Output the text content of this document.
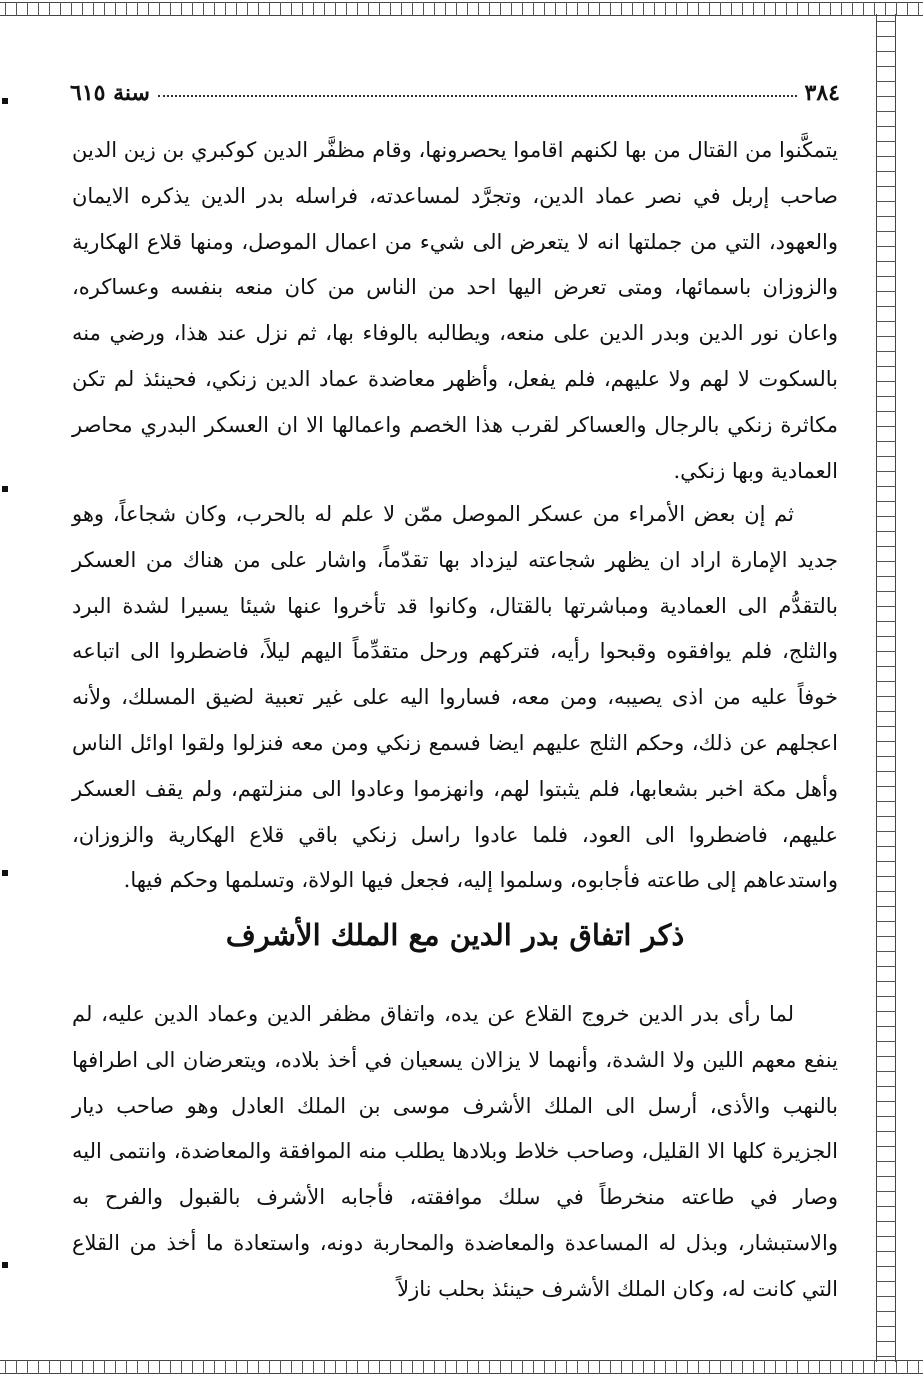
٣٨٤
سنة ٦١٥

يتمكَّنوا من القتال من بها لكنهم اقاموا يحصرونها، وقام مظفَّر الدين كوكبري بن زين الدين صاحب إربل في نصر عماد الدين، وتجرَّد لمساعدته، فراسله بدر الدين يذكره الايمان والعهود، التي من جملتها انه لا يتعرض الى شيء من اعمال الموصل، ومنها قلاع الهكارية والزوزان باسمائها، ومتى تعرض اليها احد من الناس من كان منعه بنفسه وعساكره، واعان نور الدين وبدر الدين على منعه، ويطالبه بالوفاء بها، ثم نزل عند هذا، ورضي منه بالسكوت لا لهم ولا عليهم، فلم يفعل، وأظهر معاضدة عماد الدين زنكي، فحينئذ لم تكن مكاثرة زنكي بالرجال والعساكر لقرب هذا الخصم واعمالها الا ان العسكر البدري محاصر العمادية وبها زنكي.

ثم إن بعض الأمراء من عسكر الموصل ممّن لا علم له بالحرب، وكان شجاعاً، وهو جديد الإمارة اراد ان يظهر شجاعته ليزداد بها تقدّماً، واشار على من هناك من العسكر بالتقدُّم الى العمادية ومباشرتها بالقتال، وكانوا قد تأخروا عنها شيئا يسيرا لشدة البرد والثلج، فلم يوافقوه وقبحوا رأيه، فتركهم ورحل متقدِّماً اليهم ليلاً، فاضطروا الى اتباعه خوفاً عليه من اذى يصيبه، ومن معه، فساروا اليه على غير تعبية لضيق المسلك، ولأنه اعجلهم عن ذلك، وحكم الثلج عليهم ايضا فسمع زنكي ومن معه فنزلوا ولقوا اوائل الناس وأهل مكة اخبر بشعابها، فلم يثبتوا لهم، وانهزموا وعادوا الى منزلتهم، ولم يقف العسكر عليهم، فاضطروا الى العود، فلما عادوا راسل زنكي باقي قلاع الهكارية والزوزان، واستدعاهم إلى طاعته فأجابوه، وسلموا إليه، فجعل فيها الولاة، وتسلمها وحكم فيها.

ذكر اتفاق بدر الدين مع الملك الأشرف

لما رأى بدر الدين خروج القلاع عن يده، واتفاق مظفر الدين وعماد الدين عليه، لم ينفع معهم اللين ولا الشدة، وأنهما لا يزالان يسعيان في أخذ بلاده، ويتعرضان الى اطرافها بالنهب والأذى، أرسل الى الملك الأشرف موسى بن الملك العادل وهو صاحب ديار الجزيرة كلها الا القليل، وصاحب خلاط وبلادها يطلب منه الموافقة والمعاضدة، وانتمى اليه وصار في طاعته منخرطاً في سلك موافقته، فأجابه الأشرف بالقبول والفرح به والاستبشار، وبذل له المساعدة والمعاضدة والمحاربة دونه، واستعادة ما أخذ من القلاع التي كانت له، وكان الملك الأشرف حينئذ بحلب نازلاً
